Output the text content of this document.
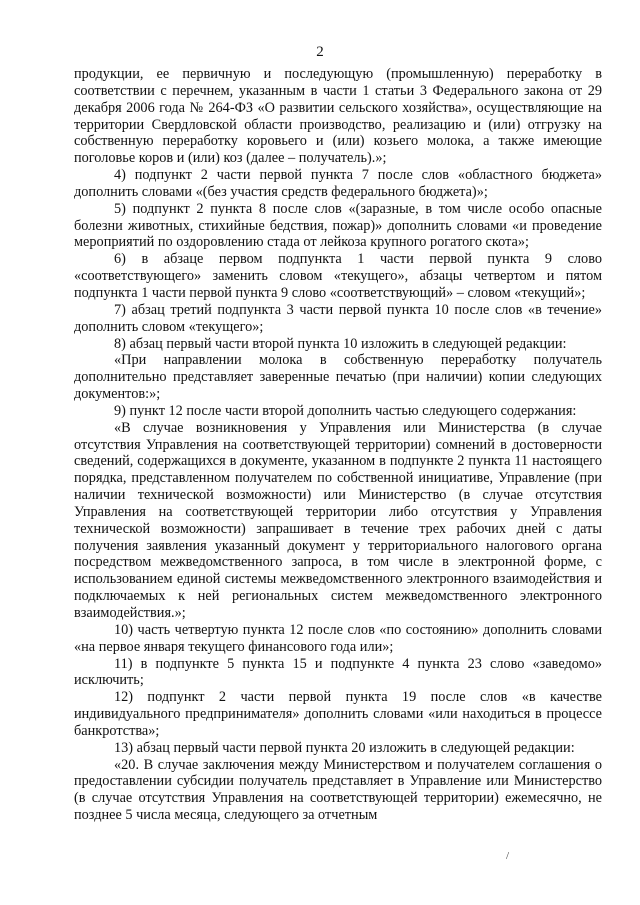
2

продукции, ее первичную и последующую (промышленную) переработку в соответствии с перечнем, указанным в части 1 статьи 3 Федерального закона от 29 декабря 2006 года № 264-ФЗ «О развитии сельского хозяйства», осуществляющие на территории Свердловской области производство, реализацию и (или) отгрузку на собственную переработку коровьего и (или) козьего молока, а также имеющие поголовье коров и (или) коз (далее – получатель).»;

4) подпункт 2 части первой пункта 7 после слов «областного бюджета» дополнить словами «(без участия средств федерального бюджета)»;

5) подпункт 2 пункта 8 после слов «(заразные, в том числе особо опасные болезни животных, стихийные бедствия, пожар)» дополнить словами «и проведение мероприятий по оздоровлению стада от лейкоза крупного рогатого скота»;

6) в абзаце первом подпункта 1 части первой пункта 9 слово «соответствующего» заменить словом «текущего», абзацы четвертом и пятом подпункта 1 части первой пункта 9 слово «соответствующий» – словом «текущий»;

7) абзац третий подпункта 3 части первой пункта 10 после слов «в течение» дополнить словом «текущего»;

8) абзац первый части второй пункта 10 изложить в следующей редакции:

«При направлении молока в собственную переработку получатель дополнительно представляет заверенные печатью (при наличии) копии следующих документов:»;

9) пункт 12 после части второй дополнить частью следующего содержания:

«В случае возникновения у Управления или Министерства (в случае отсутствия Управления на соответствующей территории) сомнений в достоверности сведений, содержащихся в документе, указанном в подпункте 2 пункта 11 настоящего порядка, представленном получателем по собственной инициативе, Управление (при наличии технической возможности) или Министерство (в случае отсутствия Управления на соответствующей территории либо отсутствия у Управления технической возможности) запрашивает в течение трех рабочих дней с даты получения заявления указанный документ у территориального налогового органа посредством межведомственного запроса, в том числе в электронной форме, с использованием единой системы межведомственного электронного взаимодействия и подключаемых к ней региональных систем межведомственного электронного взаимодействия.»;

10) часть четвертую пункта 12 после слов «по состоянию» дополнить словами «на первое января текущего финансового года или»;

11) в подпункте 5 пункта 15 и подпункте 4 пункта 23 слово «заведомо» исключить;

12) подпункт 2 части первой пункта 19 после слов «в качестве индивидуального предпринимателя» дополнить словами «или находиться в процессе банкротства»;

13) абзац первый части первой пункта 20 изложить в следующей редакции:

«20. В случае заключения между Министерством и получателем соглашения о предоставлении субсидии получатель представляет в Управление или Министерство (в случае отсутствия Управления на соответствующей территории) ежемесячно, не позднее 5 числа месяца, следующего за отчетным

/
